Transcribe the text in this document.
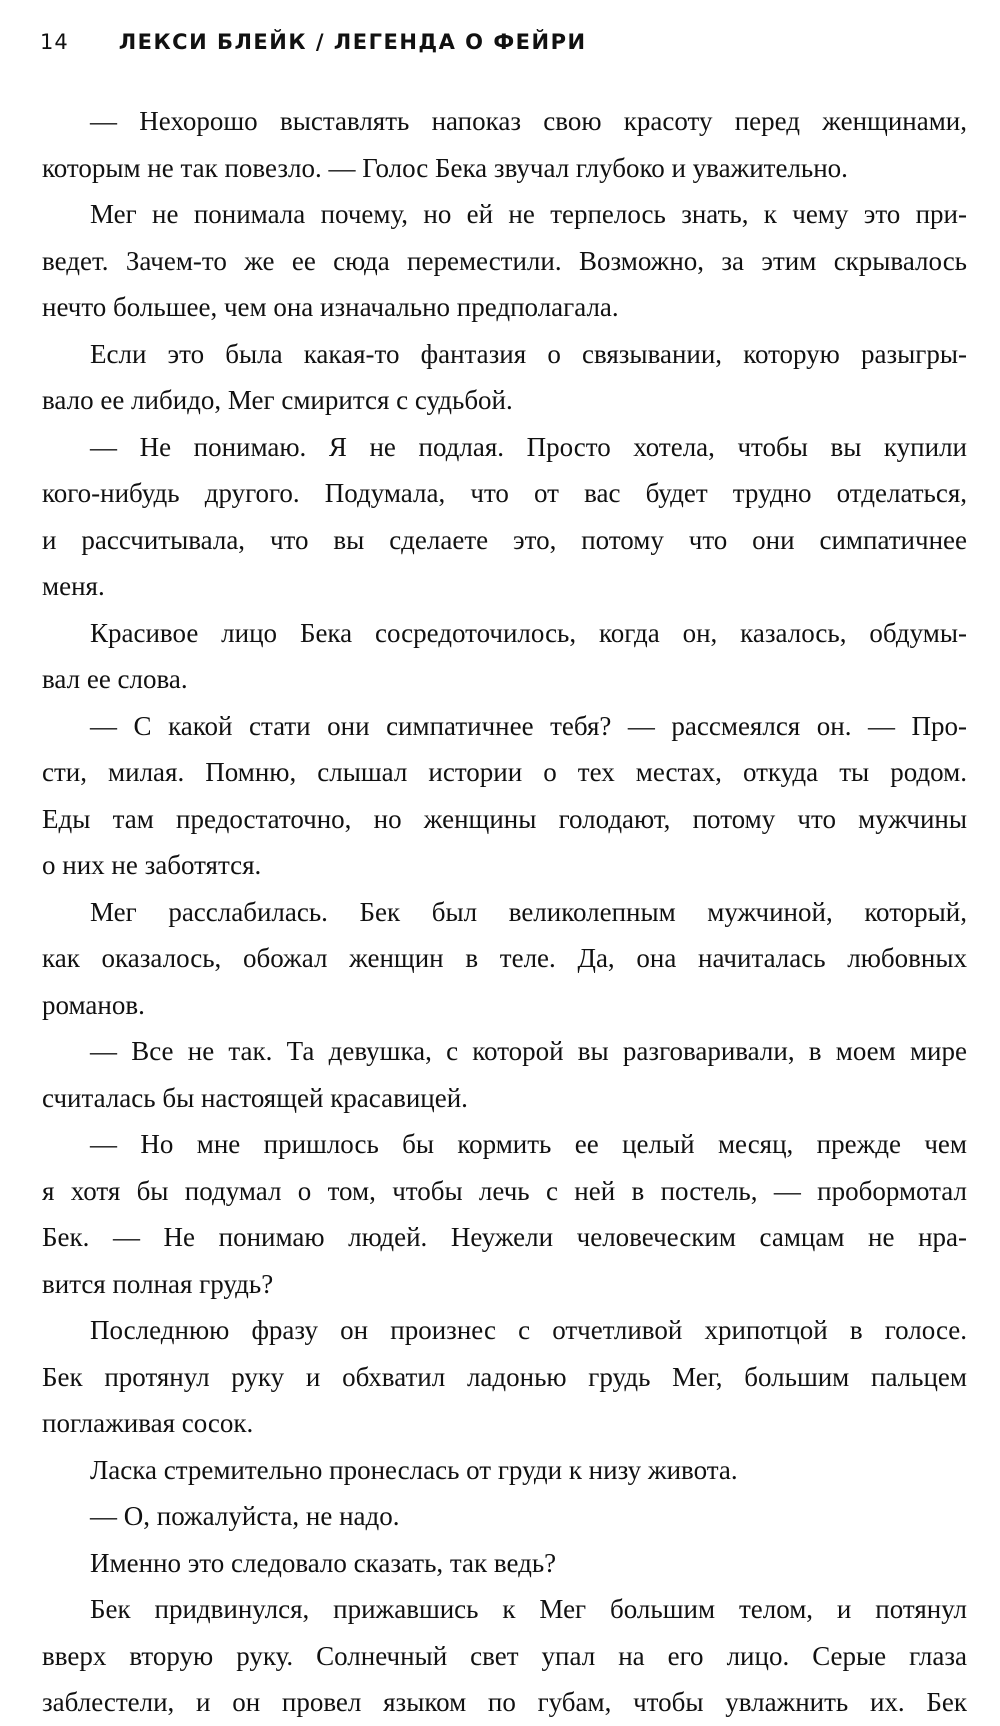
14 ЛЕКСИ БЛЕЙК / ЛЕГЕНДА О ФЕЙРИ
— Нехорошо выставлять напоказ свою красоту перед женщинами,
которым не так повезло. — Голос Бека звучал глубоко и уважительно.
Мег не понимала почему, но ей не терпелось знать, к чему это при-
ведет. Зачем-то же ее сюда переместили. Возможно, за этим скрывалось
нечто большее, чем она изначально предполагала.
Если это была какая-то фантазия о связывании, которую разыгры-
вало ее либидо, Мег смирится с судьбой.
— Не понимаю. Я не подлая. Просто хотела, чтобы вы купили
кого-нибудь другого. Подумала, что от вас будет трудно отделаться,
и рассчитывала, что вы сделаете это, потому что они симпатичнее
меня.
Красивое лицо Бека сосредоточилось, когда он, казалось, обдумы-
вал ее слова.
— С какой стати они симпатичнее тебя? — рассмеялся он. — Про-
сти, милая. Помню, слышал истории о тех местах, откуда ты родом.
Еды там предостаточно, но женщины голодают, потому что мужчины
о них не заботятся.
Мег расслабилась. Бек был великолепным мужчиной, который,
как оказалось, обожал женщин в теле. Да, она начиталась любовных
романов.
— Все не так. Та девушка, с которой вы разговаривали, в моем мире
считалась бы настоящей красавицей.
— Но мне пришлось бы кормить ее целый месяц, прежде чем
я хотя бы подумал о том, чтобы лечь с ней в постель, — пробормотал
Бек. — Не понимаю людей. Неужели человеческим самцам не нра-
вится полная грудь?
Последнюю фразу он произнес с отчетливой хрипотцой в голосе.
Бек протянул руку и обхватил ладонью грудь Мег, большим пальцем
поглаживая сосок.
Ласка стремительно пронеслась от груди к низу живота.
— О, пожалуйста, не надо.
Именно это следовало сказать, так ведь?
Бек придвинулся, прижавшись к Мег большим телом, и потянул
вверх вторую руку. Солнечный свет упал на его лицо. Серые глаза
заблестели, и он провел языком по губам, чтобы увлажнить их. Бек
